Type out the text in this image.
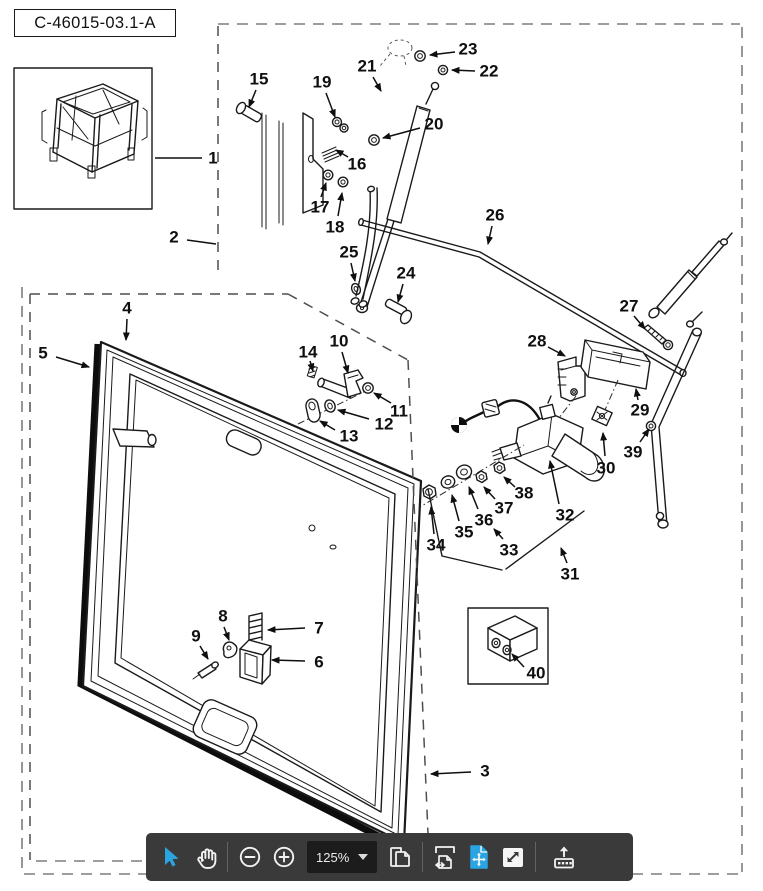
1
2
3
4
5
6
7
8
9
10
11
12
13
14
15
16
17
18
19
20
21	22
23
24
25
26
27
28
29
30
31
32
33
34
35
36
37
38
39
40
C-46015-03.1-A
125%
